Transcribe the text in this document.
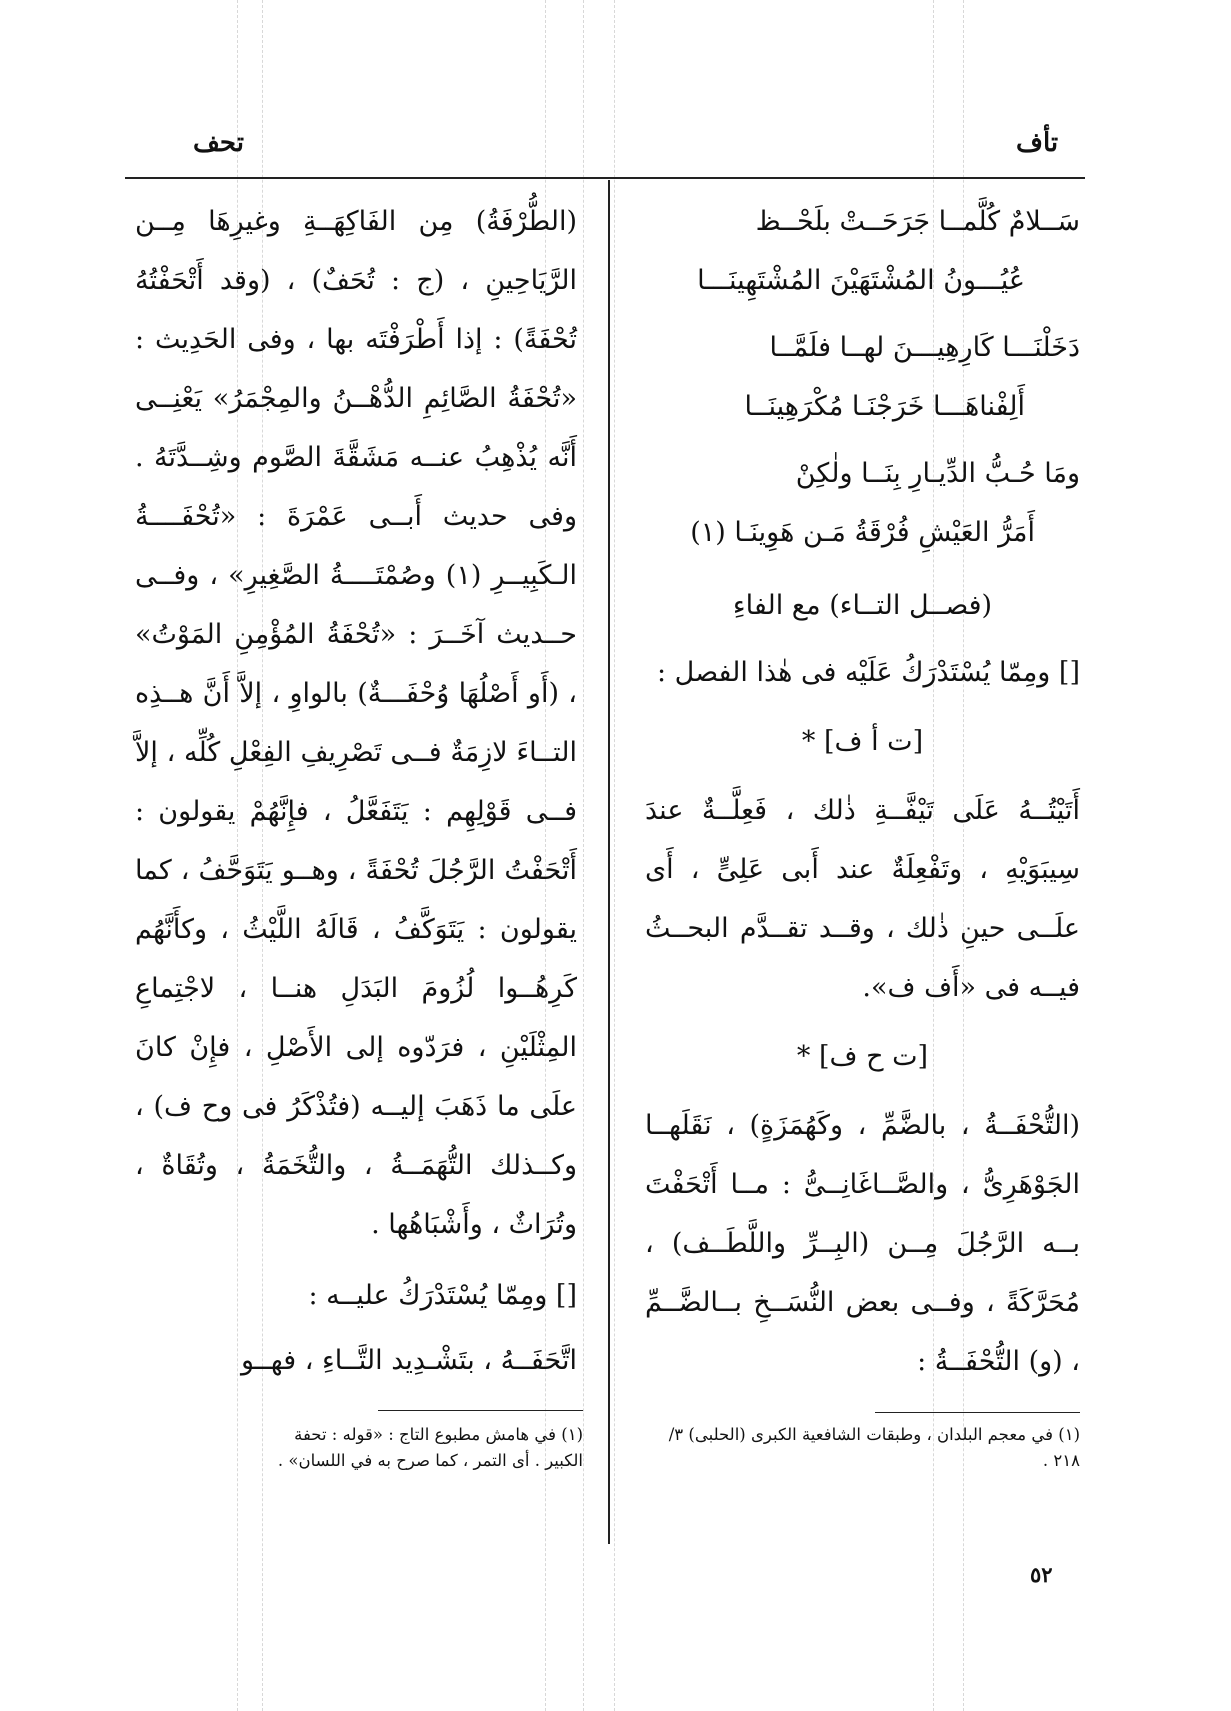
تحف	تأف

سَــلامٌ كُلَّمــا جَرَحَــتْ بلَحْــظ

عُيُـــونُ المُشْتَهَيْنَ المُشْتَهِينَـــا

دَخَلْنَـــا كَارِهِيـــنَ لهــا فلَمَّــا

أَلِفْناهَـــا خَرَجْنَـا مُكْرَهِينَــا

ومَا حُـبُّ الدِّيـارِ بِنَــا ولٰكِنْ

أَمَرُّ العَيْشِ فُرْقَةُ مَـن هَوِينَـا (١)

(فصــل التــاء) مع الفاءِ

[] ومِمّا يُسْتَدْرَكُ عَلَيْه فى هٰذا الفصل :

[ت أ ف] *

أَتَيْتُــهُ عَلَى تَيْفَّــةِ ذٰلك ، فَعِلَّــةٌ عندَ سِيبَوَيْهِ ، وتَفْعِلَةٌ عند أَبى عَلِىٍّ ، أَى علَــى حينِ ذٰلك ، وقــد تقــدَّم البحــثُ فيــه فى «أَف ف».

[ت ح ف] *

(التُّحْفَــةُ ، بالضَّمِّ ، وكَهُمَزَةٍ) ، نَقَلَهــا الجَوْهَرِىُّ ، والصَّــاغَانِــىُّ : مــا أَتْحَفْتَ بــه الرَّجُلَ مِــن (البِــرِّ واللَّطَــف) ، مُحَرَّكَةً ، وفــى بعض النُّسَــخِ بــالضَّــمِّ ، (و) التُّحْفَــةُ :

(الطُّرْفَةُ) مِن الفَاكِهَــةِ وغيرِهَا مِــن الرَّيَاحِينِ ، (ج : تُحَفٌ) ، (وقد أَتْحَفْتُهُ تُحْفَةً) : إذا أَطْرَفْتَه بها ، وفى الحَدِيث : «تُحْفَةُ الصَّائِمِ الدُّهْــنُ والمِجْمَرُ» يَعْنِــى أَنَّه يُذْهِبُ عنــه مَشَقَّةَ الصَّوم وشِــدَّتَهُ . وفى حديث أَبــى عَمْرَةَ : «تُحْفَــــةُ الـكَبِيــرِ (١) وصُمْتَــــةُ الصَّغِيرِ» ، وفــى حــديث آخَــرَ : «تُحْفَةُ المُؤْمِنِ المَوْتُ» ، (أَو أَصْلُهَا وُحْفَـــةٌ) بالواوِ ، إلاَّ أَنَّ هــذِه التــاءَ لازِمَةٌ فــى تَصْرِيفِ الفِعْلِ كُلِّه ، إلاَّ فــى قَوْلِهِم : يَتَفَعَّلُ ، فإِنَّهُمْ يقولون : أَتْحَفْتُ الرَّجُلَ تُحْفَةً ، وهــو يَتَوَحَّفُ ، كما يقولون : يَتَوَكَّفُ ، قَالَهُ اللَّيْثُ ، وكأَنَّهُم كَرِهُــوا لُزُومَ البَدَلِ هنــا ، لاجْتِماعِ المِثْلَيْنِ ، فرَدّوه إلى الأَصْلِ ، فإِنْ كانَ علَى ما ذَهَبَ إليــه (فتُذْكَرُ فى وح ف) ، وكــذلك التُّهَمَــةُ ، والتُّخَمَةُ ، وتُقَاةٌ ، وتُرَاثٌ ، وأَشْبَاهُها .

[] ومِمّا يُسْتَدْرَكُ عليــه :

اتَّحَفَــهُ ، بتَشْـدِيد التَّــاءِ ، فهــو

(١) في معجم البلدان ، وطبقات الشافعية الكبرى (الحلبى) ٣/ ٢١٨ .
(١) في هامش مطبوع التاج : «قوله : تحفة الكبير . أى التمر ، كما صرح به في اللسان» .
٥٢
